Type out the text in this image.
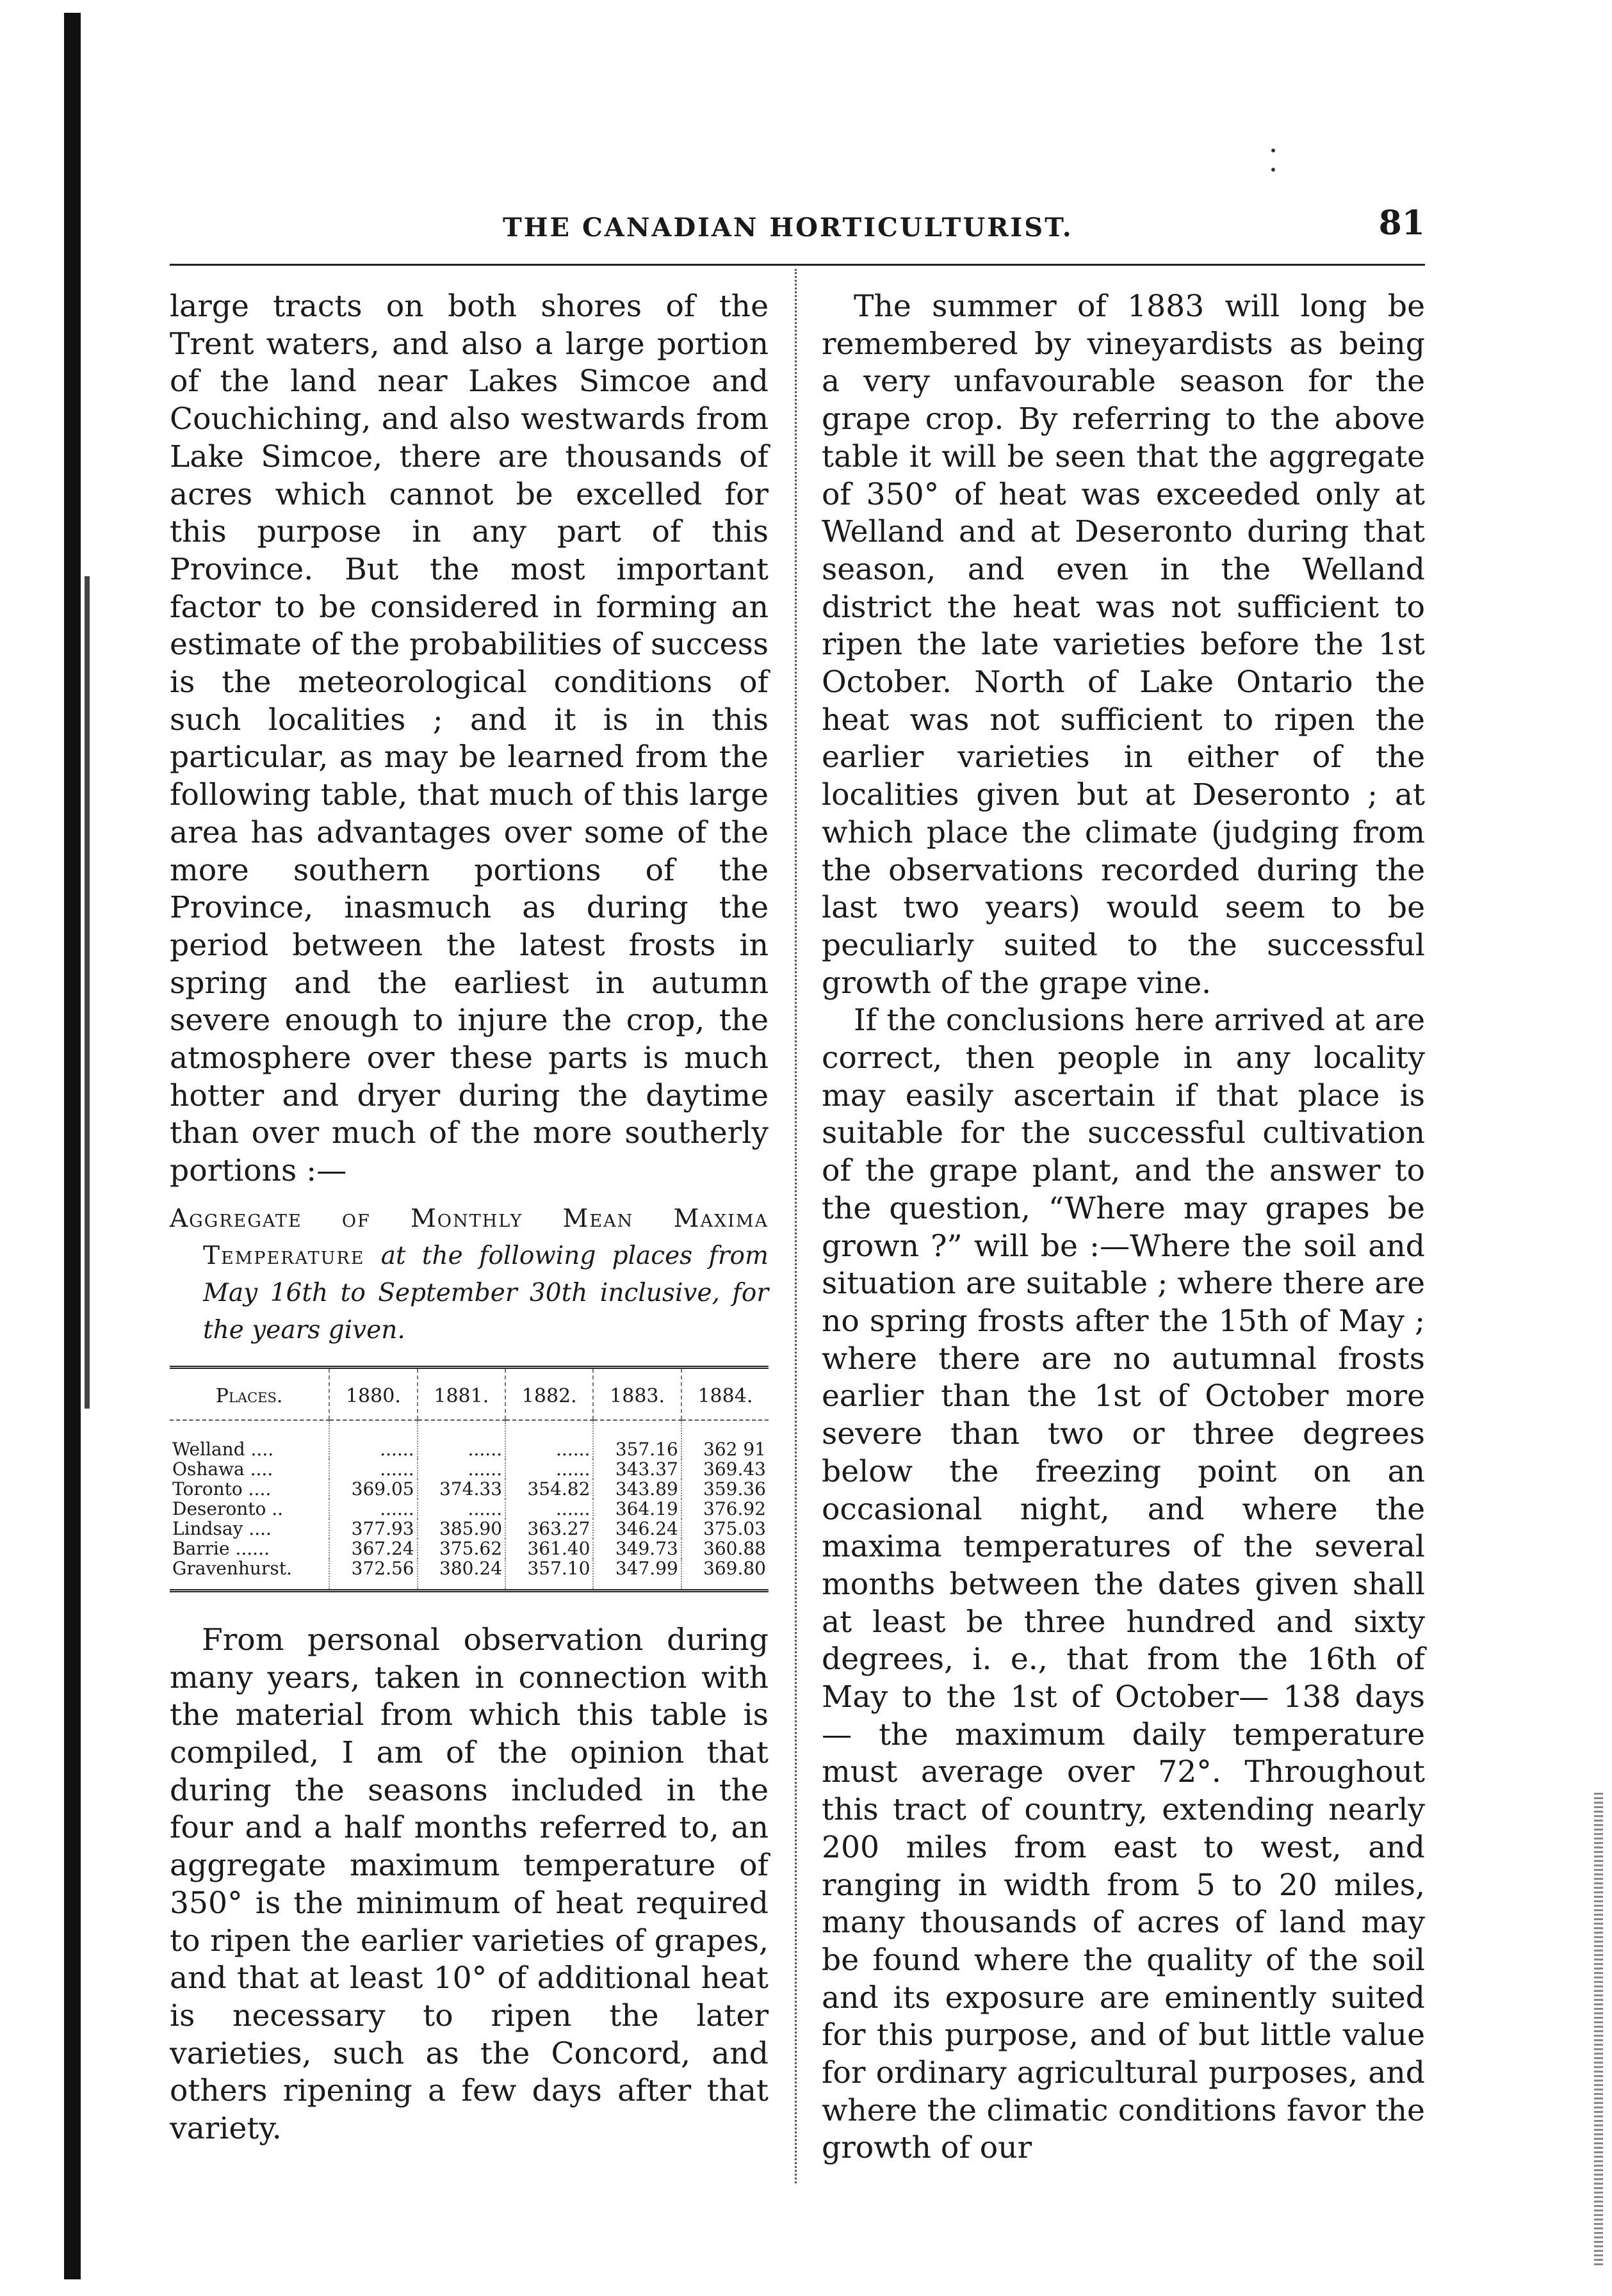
THE CANADIAN HORTICULTURIST.	81

large tracts on both shores of the Trent waters, and also a large portion of the land near Lakes Simcoe and Couchiching, and also westwards from Lake Simcoe, there are thousands of acres which cannot be excelled for this purpose in any part of this Province. But the most important factor to be considered in forming an estimate of the probabilities of success is the meteorological conditions of such localities ; and it is in this particular, as may be learned from the following table, that much of this large area has advantages over some of the more southern portions of the Province, inasmuch as during the period between the latest frosts in spring and the earliest in autumn severe enough to injure the crop, the atmosphere over these parts is much hotter and dryer during the daytime than over much of the more southerly portions :—

Aggregate of Monthly Mean Maxima Temperature at the following places from May 16th to September 30th inclusive, for the years given.

Places.	1880.	1881.	1882.	1883.	1884.
Welland ....	......	......	......	357.16	362 91
Oshawa ....	......	......	......	343.37	369.43
Toronto ....	369.05	374.33	354.82	343.89	359.36
Deseronto ..	......	......	......	364.19	376.92
Lindsay ....	377.93	385.90	363.27	346.24	375.03
Barrie ......	367.24	375.62	361.40	349.73	360.88
Gravenhurst.	372.56	380.24	357.10	347.99	369.80

From personal observation during many years, taken in connection with the material from which this table is compiled, I am of the opinion that during the seasons included in the four and a half months referred to, an aggregate maximum temperature of 350° is the minimum of heat required to ripen the earlier varieties of grapes, and that at least 10° of additional heat is necessary to ripen the later varieties, such as the Concord, and others ripening a few days after that variety.

The summer of 1883 will long be remembered by vineyardists as being a very unfavourable season for the grape crop. By referring to the above table it will be seen that the aggregate of 350° of heat was exceeded only at Welland and at Deseronto during that season, and even in the Welland district the heat was not sufficient to ripen the late varieties before the 1st October. North of Lake Ontario the heat was not sufficient to ripen the earlier varieties in either of the localities given but at Deseronto ; at which place the climate (judging from the observations recorded during the last two years) would seem to be peculiarly suited to the successful growth of the grape vine.

If the conclusions here arrived at are correct, then people in any locality may easily ascertain if that place is suitable for the successful cultivation of the grape plant, and the answer to the question, “Where may grapes be grown ?” will be :—Where the soil and situation are suitable ; where there are no spring frosts after the 15th of May ; where there are no autumnal frosts earlier than the 1st of October more severe than two or three degrees below the freezing point on an occasional night, and where the maxima temperatures of the several months between the dates given shall at least be three hundred and sixty degrees, i. e., that from the 16th of May to the 1st of October— 138 days — the maximum daily temperature must average over 72°. Throughout this tract of country, extending nearly 200 miles from east to west, and ranging in width from 5 to 20 miles, many thousands of acres of land may be found where the quality of the soil and its exposure are eminently suited for this purpose, and of but little value for ordinary agricultural purposes, and where the climatic conditions favor the growth of our
